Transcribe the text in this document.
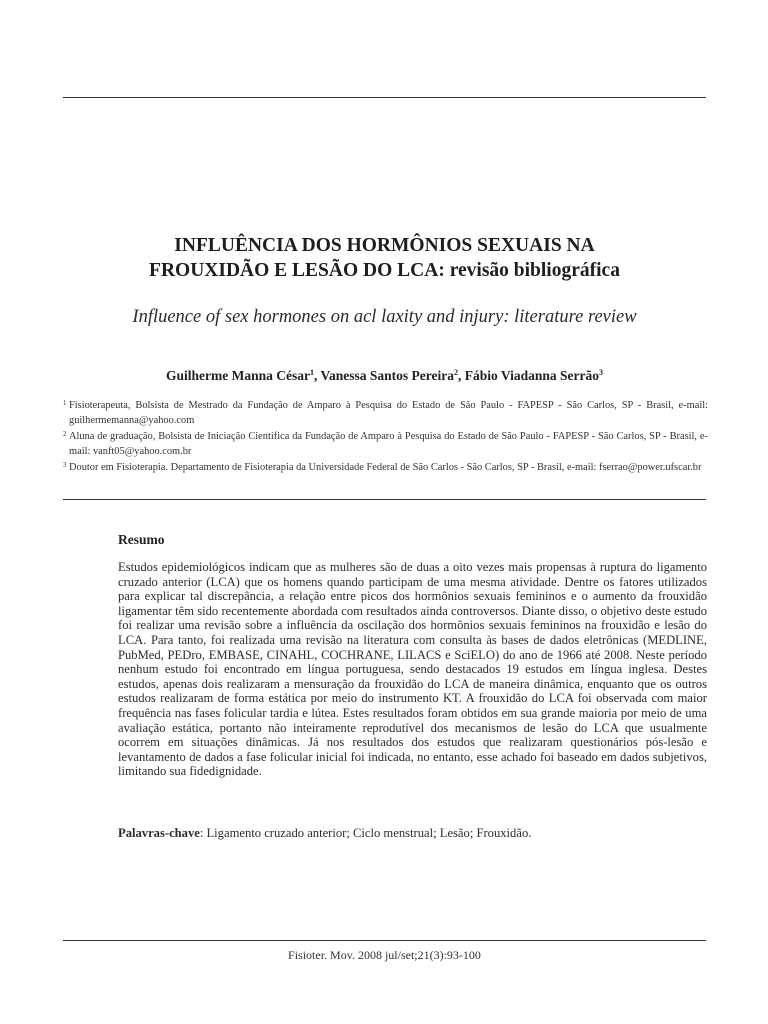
INFLUÊNCIA DOS HORMÔNIOS SEXUAIS NA
FROUXIDÃO E LESÃO DO LCA: revisão bibliográfica
Influence of sex hormones on acl laxity and injury: literature review
Guilherme Manna César$^1$, Vanessa Santos Pereira$^2$, Fábio Viadanna Serrão$^3$
1 Fisioterapeuta, Bolsista de Mestrado da Fundação de Amparo à Pesquisa do Estado de São Paulo - FAPESP - São Carlos, SP - Brasil, e-mail: guilhermemanna@yahoo.com
2 Aluna de graduação, Bolsista de Iniciação Científica da Fundação de Amparo à Pesquisa do Estado de São Paulo - FAPESP - São Carlos, SP - Brasil, e-mail: vanft05@yahoo.com.br
3 Doutor em Fisioterapia. Departamento de Fisioterapia da Universidade Federal de São Carlos - São Carlos, SP - Brasil, e-mail: fserrao@power.ufscar.br
Resumo
Estudos epidemiológicos indicam que as mulheres são de duas a oito vezes mais propensas à ruptura do ligamento cruzado anterior (LCA) que os homens quando participam de uma mesma atividade. Dentre os fatores utilizados para explicar tal discrepância, a relação entre picos dos hormônios sexuais femininos e o aumento da frouxidão ligamentar têm sido recentemente abordada com resultados ainda controversos. Diante disso, o objetivo deste estudo foi realizar uma revisão sobre a influência da oscilação dos hormônios sexuais femininos na frouxidão e lesão do LCA. Para tanto, foi realizada uma revisão na literatura com consulta às bases de dados eletrônicas (MEDLINE, PubMed, PEDro, EMBASE, CINAHL, COCHRANE, LILACS e SciELO) do ano de 1966 até 2008. Neste período nenhum estudo foi encontrado em língua portuguesa, sendo destacados 19 estudos em língua inglesa. Destes estudos, apenas dois realizaram a mensuração da frouxidão do LCA de maneira dinâmica, enquanto que os outros estudos realizaram de forma estática por meio do instrumento KT. A frouxidão do LCA foi observada com maior frequência nas fases folicular tardia e lútea. Estes resultados foram obtidos em sua grande maioria por meio de uma avaliação estática, portanto não inteiramente reprodutível dos mecanismos de lesão do LCA que usualmente ocorrem em situações dinâmicas. Já nos resultados dos estudos que realizaram questionários pós-lesão e levantamento de dados a fase folicular inicial foi indicada, no entanto, esse achado foi baseado em dados subjetivos, limitando sua fidedignidade.
Palavras-chave: Ligamento cruzado anterior; Ciclo menstrual; Lesão; Frouxidão.
Fisioter. Mov. 2008 jul/set;21(3):93-100
